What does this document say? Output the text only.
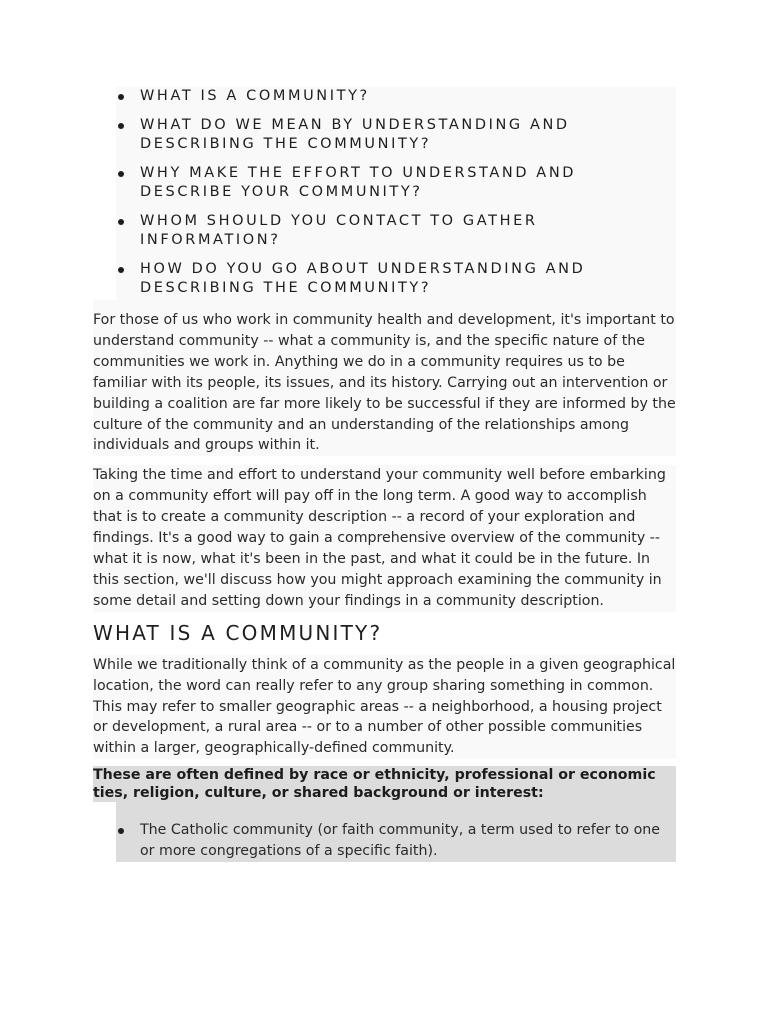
WHAT IS A COMMUNITY?
WHAT DO WE MEAN BY UNDERSTANDING AND DESCRIBING THE COMMUNITY?
WHY MAKE THE EFFORT TO UNDERSTAND AND DESCRIBE YOUR COMMUNITY?
WHOM SHOULD YOU CONTACT TO GATHER INFORMATION?
HOW DO YOU GO ABOUT UNDERSTANDING AND DESCRIBING THE COMMUNITY?

For those of us who work in community health and development, it's important to understand community -- what a community is, and the specific nature of the communities we work in. Anything we do in a community requires us to be familiar with its people, its issues, and its history. Carrying out an intervention or building a coalition are far more likely to be successful if they are informed by the culture of the community and an understanding of the relationships among individuals and groups within it.

Taking the time and effort to understand your community well before embarking on a community effort will pay off in the long term. A good way to accomplish that is to create a community description -- a record of your exploration and findings. It's a good way to gain a comprehensive overview of the community -- what it is now, what it's been in the past, and what it could be in the future. In this section, we'll discuss how you might approach examining the community in some detail and setting down your findings in a community description.

WHAT IS A COMMUNITY?

While we traditionally think of a community as the people in a given geographical location, the word can really refer to any group sharing something in common. This may refer to smaller geographic areas -- a neighborhood, a housing project or development, a rural area -- or to a number of other possible communities within a larger, geographically-defined community.

These are often defined by race or ethnicity, professional or economic ties, religion, culture, or shared background or interest:
The Catholic community (or faith community, a term used to refer to one or more congregations of a specific faith).
